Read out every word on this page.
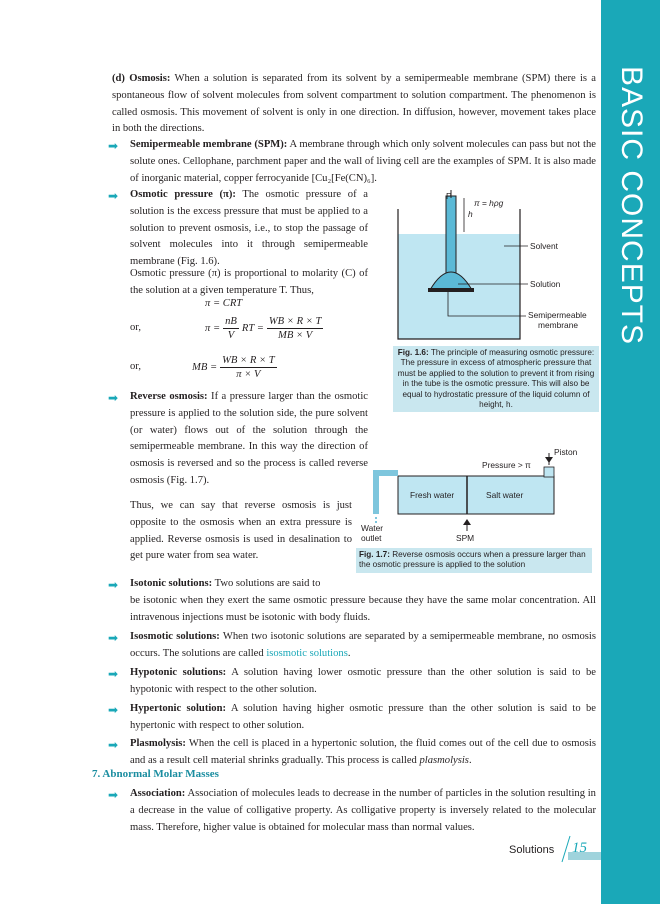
BASIC CONCEPTS

(d) Osmosis: When a solution is separated from its solvent by a semipermeable membrane (SPM) there is a spontaneous flow of solvent molecules from solvent compartment to solution compartment. The phenomenon is called osmosis. This movement of solvent is only in one direction. In diffusion, however, movement takes place in both the directions.

➡ Semipermeable membrane (SPM): A membrane through which only solvent molecules can pass but not the solute ones. Cellophane, parchment paper and the wall of living cell are the examples of SPM. It is also made of inorganic material, copper ferrocyanide [Cu₂[Fe(CN)₆].

➡ Osmotic pressure (π): The osmotic pressure of a solution is the excess pressure that must be applied to a solution to prevent osmosis, i.e., to stop the passage of solvent molecules into it through semipermeable membrane (Fig. 1.6).

Osmotic pressure (π) is proportional to molarity (C) of the solution at a given temperature T. Thus,

π = CRT
or,	$\pi = \frac{nB}{V}$ RT = $\frac{WB \times R \times T}{MB \times V}$
or,	MB = $\frac{WB \times R \times T}{\pi \times V}$
P
π = hρg
h
Solvent
Solution
Semipermeable
membrane
Fig. 1.6: The principle of measuring osmotic pressure: The pressure in excess of atmospheric pressure that must be applied to the solution to prevent it from rising in the tube is the osmotic pressure. This will also be equal to hydrostatic pressure of the liquid column of height, h.
➡ Reverse osmosis: If a pressure larger than the osmotic pressure is applied to the solution side, the pure solvent (or water) flows out of the solution through the semipermeable membrane. In this way the direction of osmosis is reversed and so the process is called reverse osmosis (Fig. 1.7).

Thus, we can say that reverse osmosis is just opposite to the osmosis when an extra pressure is applied. Reverse osmosis is used in desalination to get pure water from sea water.

Piston
Pressure > π
Fresh water	Salt water
Water
outlet	SPM
Fig. 1.7: Reverse osmosis occurs when a pressure larger than the osmotic pressure is applied to the solution
➡ Isotonic solutions: Two solutions are said to

be isotonic when they exert the same osmotic pressure because they have the same molar concentration. All intravenous injections must be isotonic with body fluids.

➡ Isosmotic solutions: When two isotonic solutions are separated by a semipermeable membrane, no osmosis occurs. The solutions are called isosmotic solutions.

➡ Hypotonic solutions: A solution having lower osmotic pressure than the other solution is said to be hypotonic with respect to the other solution.

➡ Hypertonic solution: A solution having higher osmotic pressure than the other solution is said to be hypertonic with respect to other solution.

➡ Plasmolysis: When the cell is placed in a hypertonic solution, the fluid comes out of the cell due to osmosis and as a result cell material shrinks gradually. This process is called plasmolysis.

7. Abnormal Molar Masses
➡ Association: Association of molecules leads to decrease in the number of particles in the solution resulting in a decrease in the value of colligative property. As colligative property is inversely related to the molecular mass. Therefore, higher value is obtained for molecular mass than normal values.

Solutions 15
